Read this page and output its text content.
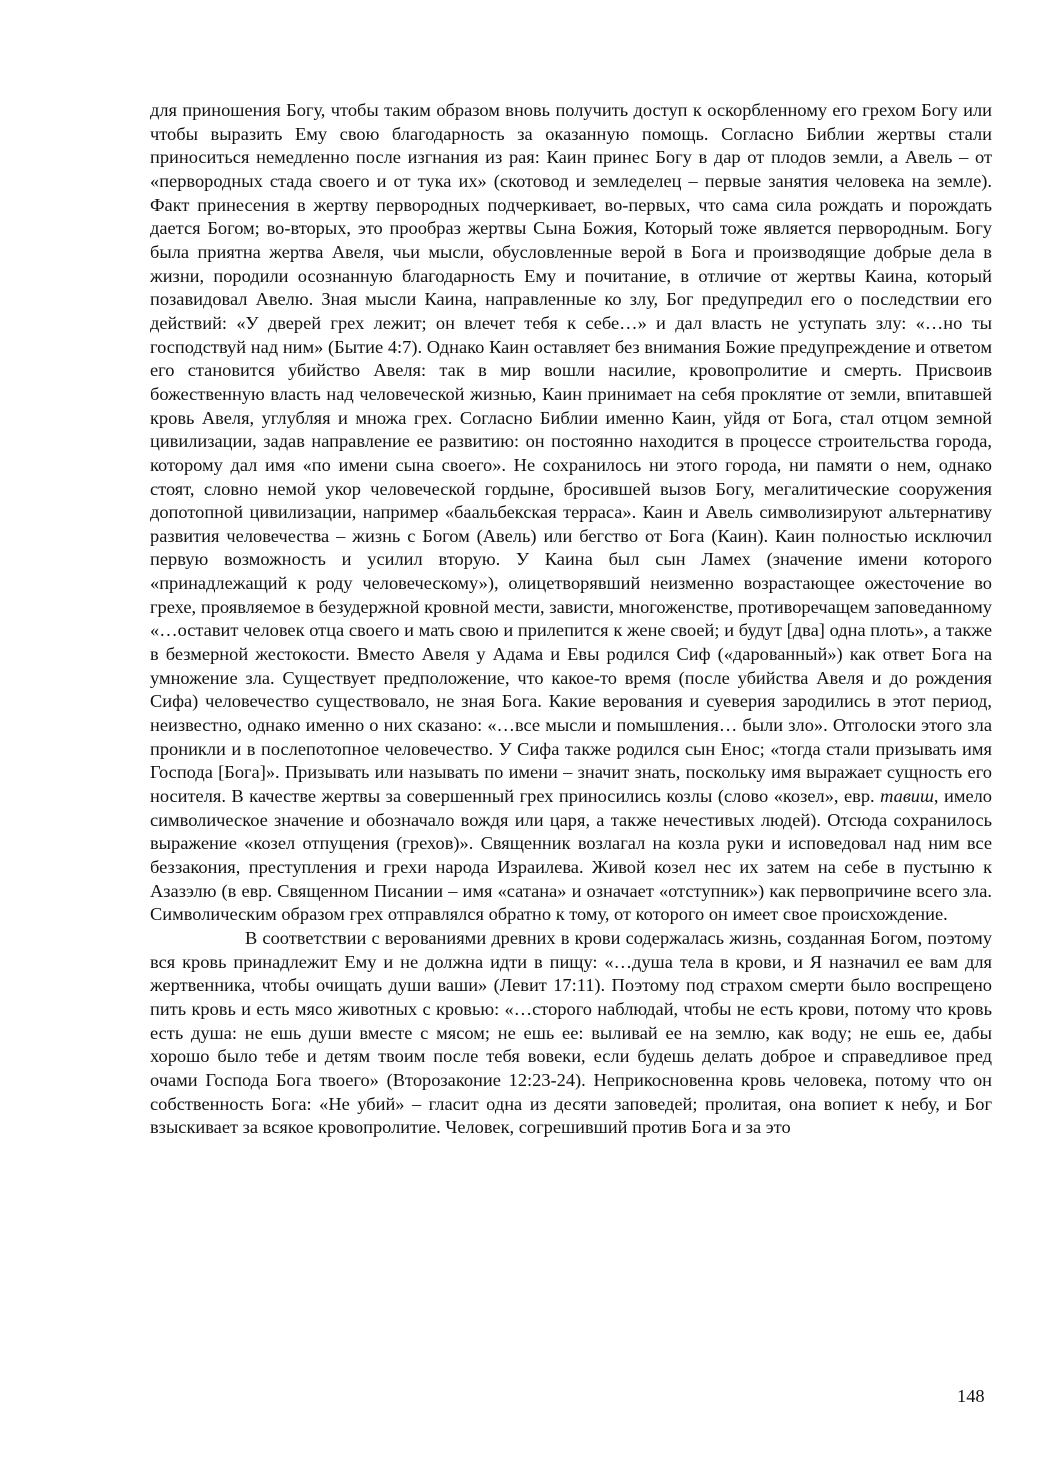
для приношения Богу, чтобы таким образом вновь получить доступ к оскорбленному его грехом Богу или чтобы выразить Ему свою благодарность за оказанную помощь. Согласно Библии жертвы стали приноситься немедленно после изгнания из рая: Каин принес Богу в дар от плодов земли, а Авель – от «первородных стада своего и от тука их» (скотовод и земледелец – первые занятия человека на земле). Факт принесения в жертву первородных подчеркивает, во-первых, что сама сила рождать и порождать дается Богом; во-вторых, это прообраз жертвы Сына Божия, Который тоже является первородным. Богу была приятна жертва Авеля, чьи мысли, обусловленные верой в Бога и производящие добрые дела в жизни, породили осознанную благодарность Ему и почитание, в отличие от жертвы Каина, который позавидовал Авелю. Зная мысли Каина, направленные ко злу, Бог предупредил его о последствии его действий: «У дверей грех лежит; он влечет тебя к себе…» и дал власть не уступать злу: «…но ты господствуй над ним» (Бытие 4:7). Однако Каин оставляет без внимания Божие предупреждение и ответом его становится убийство Авеля: так в мир вошли насилие, кровопролитие и смерть. Присвоив божественную власть над человеческой жизнью, Каин принимает на себя проклятие от земли, впитавшей кровь Авеля, углубляя и множа грех. Согласно Библии именно Каин, уйдя от Бога, стал отцом земной цивилизации, задав направление ее развитию: он постоянно находится в процессе строительства города, которому дал имя «по имени сына своего». Не сохранилось ни этого города, ни памяти о нем, однако стоят, словно немой укор человеческой гордыне, бросившей вызов Богу, мегалитические сооружения допотопной цивилизации, например «баальбекская терраса». Каин и Авель символизируют альтернативу развития человечества – жизнь с Богом (Авель) или бегство от Бога (Каин). Каин полностью исключил первую возможность и усилил вторую. У Каина был сын Ламех (значение имени которого «принадлежащий к роду человеческому»), олицетворявший неизменно возрастающее ожесточение во грехе, проявляемое в безудержной кровной мести, зависти, многоженстве, противоречащем заповеданному «…оставит человек отца своего и мать свою и прилепится к жене своей; и будут [два] одна плоть», а также в безмерной жестокости. Вместо Авеля у Адама и Евы родился Сиф («дарованный») как ответ Бога на умножение зла. Существует предположение, что какое-то время (после убийства Авеля и до рождения Сифа) человечество существовало, не зная Бога. Какие верования и суеверия зародились в этот период, неизвестно, однако именно о них сказано: «…все мысли и помышления… были зло». Отголоски этого зла проникли и в послепотопное человечество. У Сифа также родился сын Енос; «тогда стали призывать имя Господа [Бога]». Призывать или называть по имени – значит знать, поскольку имя выражает сущность его носителя. В качестве жертвы за совершенный грех приносились козлы (слово «козел», евр. тавиш, имело символическое значение и обозначало вождя или царя, а также нечестивых людей). Отсюда сохранилось выражение «козел отпущения (грехов)». Священник возлагал на козла руки и исповедовал над ним все беззакония, преступления и грехи народа Израилева. Живой козел нес их затем на себе в пустыню к Азазэлю (в евр. Священном Писании – имя «сатана» и означает «отступник») как первопричине всего зла. Символическим образом грех отправлялся обратно к тому, от которого он имеет свое происхождение.

В соответствии с верованиями древних в крови содержалась жизнь, созданная Богом, поэтому вся кровь принадлежит Ему и не должна идти в пищу: «…душа тела в крови, и Я назначил ее вам для жертвенника, чтобы очищать души ваши» (Левит 17:11). Поэтому под страхом смерти было воспрещено пить кровь и есть мясо животных с кровью: «…сторого наблюдай, чтобы не есть крови, потому что кровь есть душа: не ешь души вместе с мясом; не ешь ее: выливай ее на землю, как воду; не ешь ее, дабы хорошо было тебе и детям твоим после тебя вовеки, если будешь делать доброе и справедливое пред очами Господа Бога твоего» (Второзаконие 12:23-24). Неприкосновенна кровь человека, потому что он собственность Бога: «Не убий» – гласит одна из десяти заповедей; пролитая, она вопиет к небу, и Бог взыскивает за всякое кровопролитие. Человек, согрешивший против Бога и за это

148
